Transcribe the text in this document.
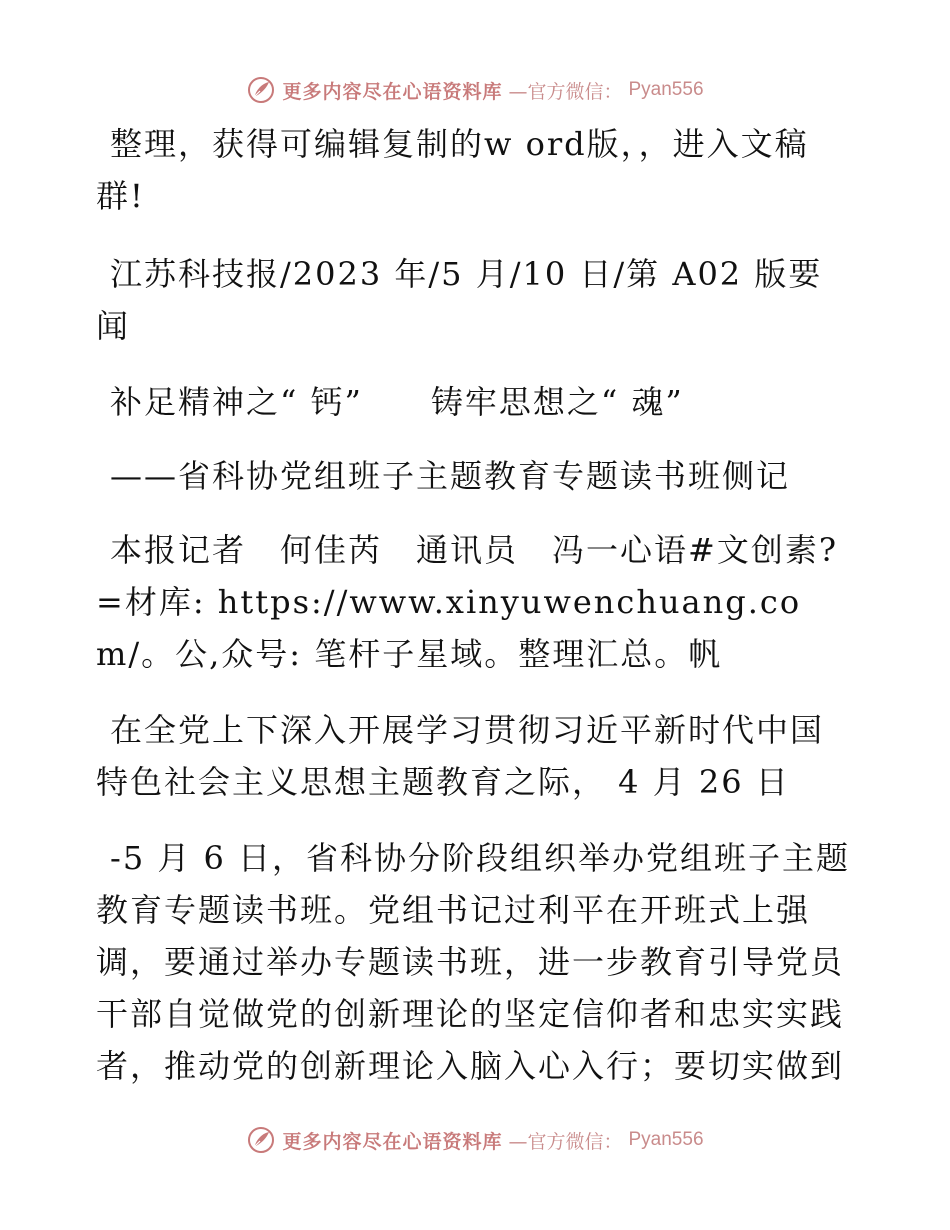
更多内容尽在心语资料库 —官方微信： Pyan556

整理，获得可编辑复制的w ord版，，进入文稿群!

江苏科技报/2023 年/5 月/10 日/第 A02 版要闻

补足精神之“ 钙”　　铸牢思想之“ 魂”

——省科协党组班子主题教育专题读书班侧记

本报记者　何佳芮　通讯员　冯一心语#文创素?=材库: https://www.xinyuwenchuang.com/。公,众号: 笔杆子星域。整理汇总。帆

在全党上下深入开展学习贯彻习近平新时代中国特色社会主义思想主题教育之际， 4 月 26 日

-5 月 6 日，省科协分阶段组织举办党组班子主题教育专题读书班。党组书记过利平在开班式上强调，要通过举办专题读书班，进一步教育引导党员干部自觉做党的创新理论的坚定信仰者和忠实实践者，推动党的创新理论入脑入心入行；要切实做到

更多内容尽在心语资料库 —官方微信： Pyan556
